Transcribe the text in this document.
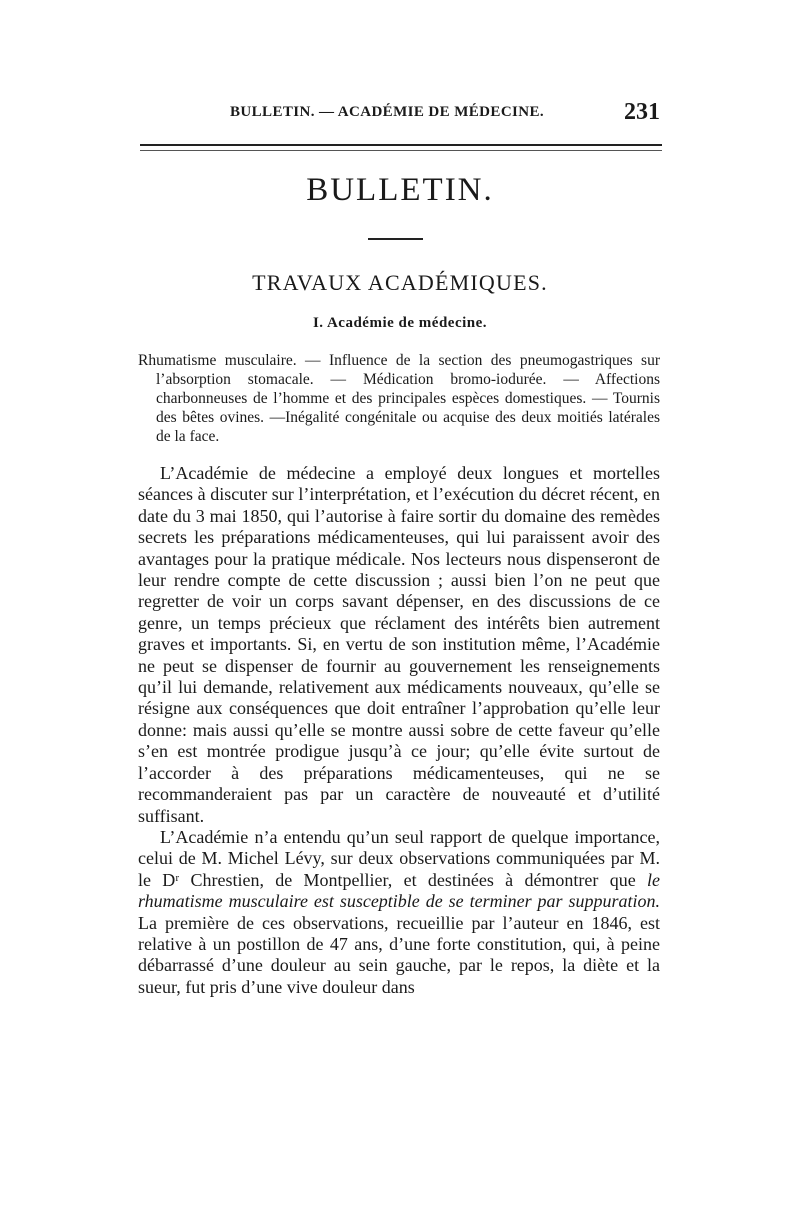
BULLETIN. — ACADÉMIE DE MÉDECINE.	231
BULLETIN.
TRAVAUX ACADÉMIQUES.
I. Académie de médecine.

Rhumatisme musculaire. — Influence de la section des pneumogastriques sur l’absorption stomacale. — Médication bromo-iodurée. — Affections charbonneuses de l’homme et des principales espèces domestiques. — Tournis des bêtes ovines. —Inégalité congénitale ou acquise des deux moitiés latérales de la face.

L’Académie de médecine a employé deux longues et mortelles séances à discuter sur l’interprétation, et l’exécution du décret récent, en date du 3 mai 1850, qui l’autorise à faire sortir du domaine des remèdes secrets les préparations médicamenteuses, qui lui paraissent avoir des avantages pour la pratique médicale. Nos lecteurs nous dispenseront de leur rendre compte de cette discussion ; aussi bien l’on ne peut que regretter de voir un corps savant dépenser, en des discussions de ce genre, un temps précieux que réclament des intérêts bien autrement graves et importants. Si, en vertu de son institution même, l’Académie ne peut se dispenser de fournir au gouvernement les renseignements qu’il lui demande, relativement aux médicaments nouveaux, qu’elle se résigne aux conséquences que doit entraîner l’approbation qu’elle leur donne: mais aussi qu’elle se montre aussi sobre de cette faveur qu’elle s’en est montrée prodigue jusqu’à ce jour; qu’elle évite surtout de l’accorder à des préparations médicamenteuses, qui ne se recommanderaient pas par un caractère de nouveauté et d’utilité suffisant.

L’Académie n’a entendu qu’un seul rapport de quelque importance, celui de M. Michel Lévy, sur deux observations communiquées par M. le Dʳ Chrestien, de Montpellier, et destinées à démontrer que le rhumatisme musculaire est susceptible de se terminer par suppuration. La première de ces observations, recueillie par l’auteur en 1846, est relative à un postillon de 47 ans, d’une forte constitution, qui, à peine débarrassé d’une douleur au sein gauche, par le repos, la diète et la sueur, fut pris d’une vive douleur dans
